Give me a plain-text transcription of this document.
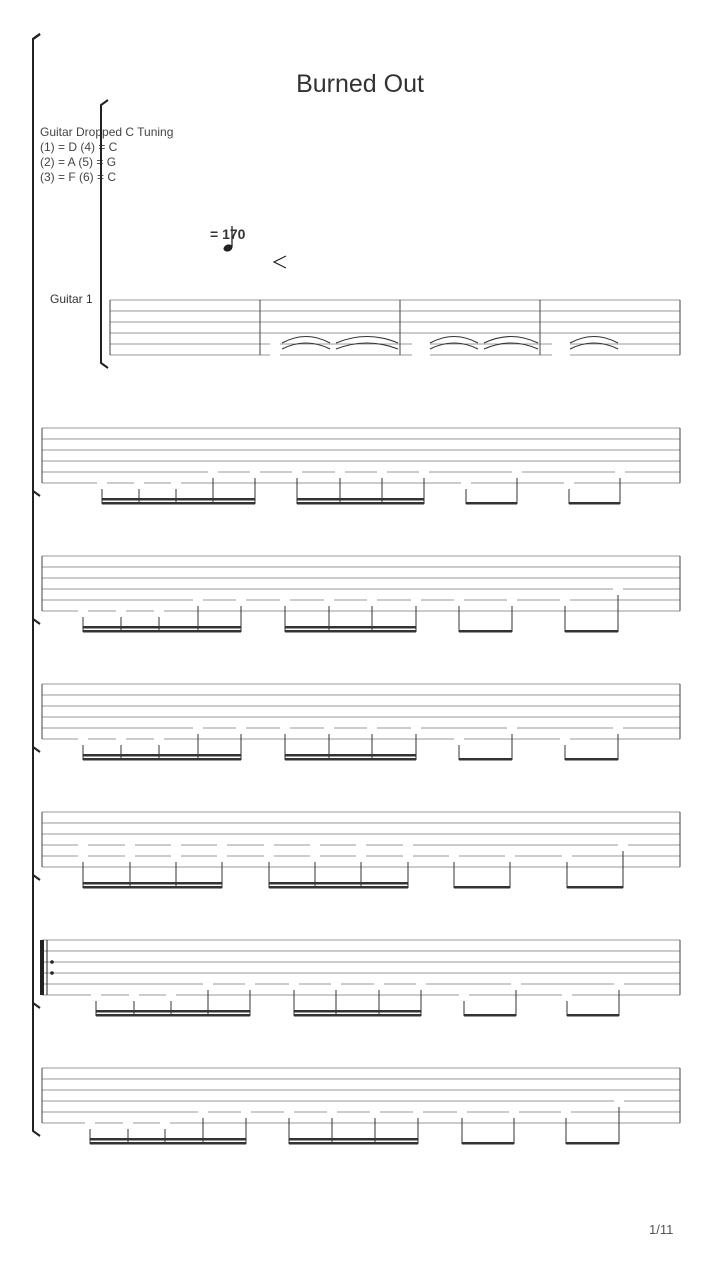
Burned Out
Guitar Dropped C Tuning
(1) = D (4) = C
(2) = A (5) = G
(3) = F (6) = C
= 170
Guitar 1
1/11
